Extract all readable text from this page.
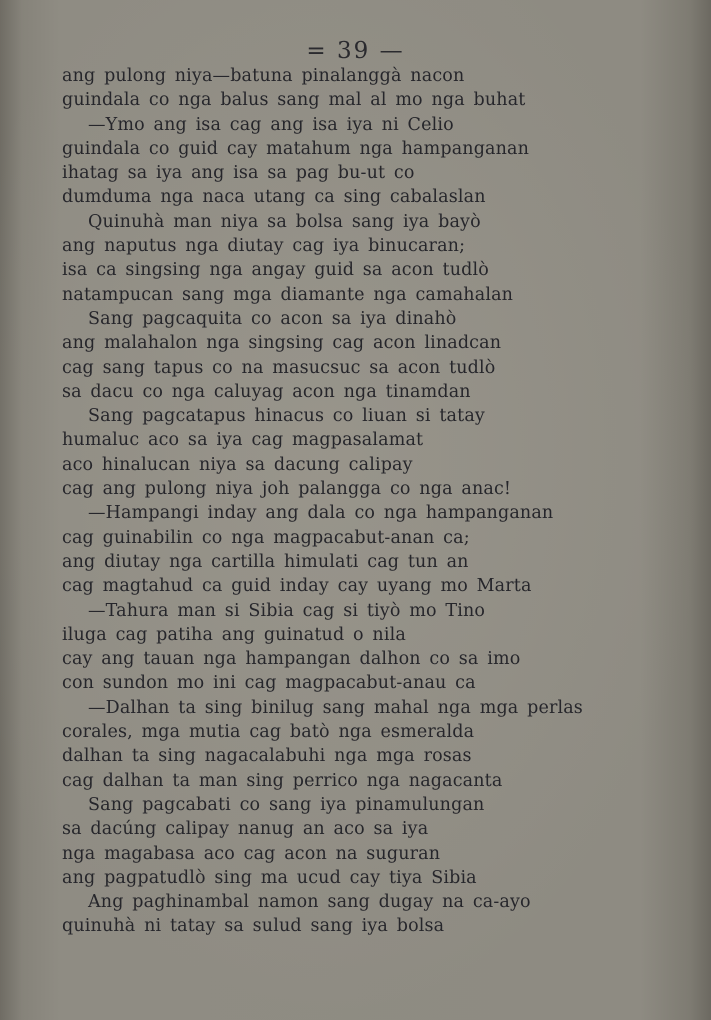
= 39 —
ang pulong niya—batuna pinalanggà nacon
guindala co nga balus sang mal al mo nga buhat
—Ymo ang isa cag ang isa iya ni Celio
guindala co guid cay matahum nga hampanganan
ihatag sa iya ang isa sa pag bu-ut co
dumduma nga naca utang ca sing cabalaslan
Quinuhà man niya sa bolsa sang iya bayò
ang naputus nga diutay cag iya binucaran;
isa ca singsing nga angay guid sa acon tudlò
natampucan sang mga diamante nga camahalan
Sang pagcaquita co acon sa iya dinahò
ang malahalon nga singsing cag acon linadcan
cag sang tapus co na masucsuc sa acon tudlò
sa dacu co nga caluyag acon nga tinamdan
Sang pagcatapus hinacus co liuan si tatay
humaluc aco sa iya cag magpasalamat
aco hinalucan niya sa dacung calipay
cag ang pulong niya joh palangga co nga anac!
—Hampangi inday ang dala co nga hampanganan
cag guinabilin co nga magpacabut-anan ca;
ang diutay nga cartilla himulati cag tun an
cag magtahud ca guid inday cay uyang mo Marta
—Tahura man si Sibia cag si tiyò mo Tino
iluga cag patiha ang guinatud o nila
cay ang tauan nga hampangan dalhon co sa imo
con sundon mo ini cag magpacabut-anau ca
—Dalhan ta sing binilug sang mahal nga mga perlas
corales, mga mutia cag batò nga esmeralda
dalhan ta sing nagacalabuhi nga mga rosas
cag dalhan ta man sing perrico nga nagacanta
Sang pagcabati co sang iya pinamulungan
sa dacúng calipay nanug an aco sa iya
nga magabasa aco cag acon na suguran
ang pagpatudlò sing ma ucud cay tiya Sibia
Ang paghinambal namon sang dugay na ca-ayo
quinuhà ni tatay sa sulud sang iya bolsa
